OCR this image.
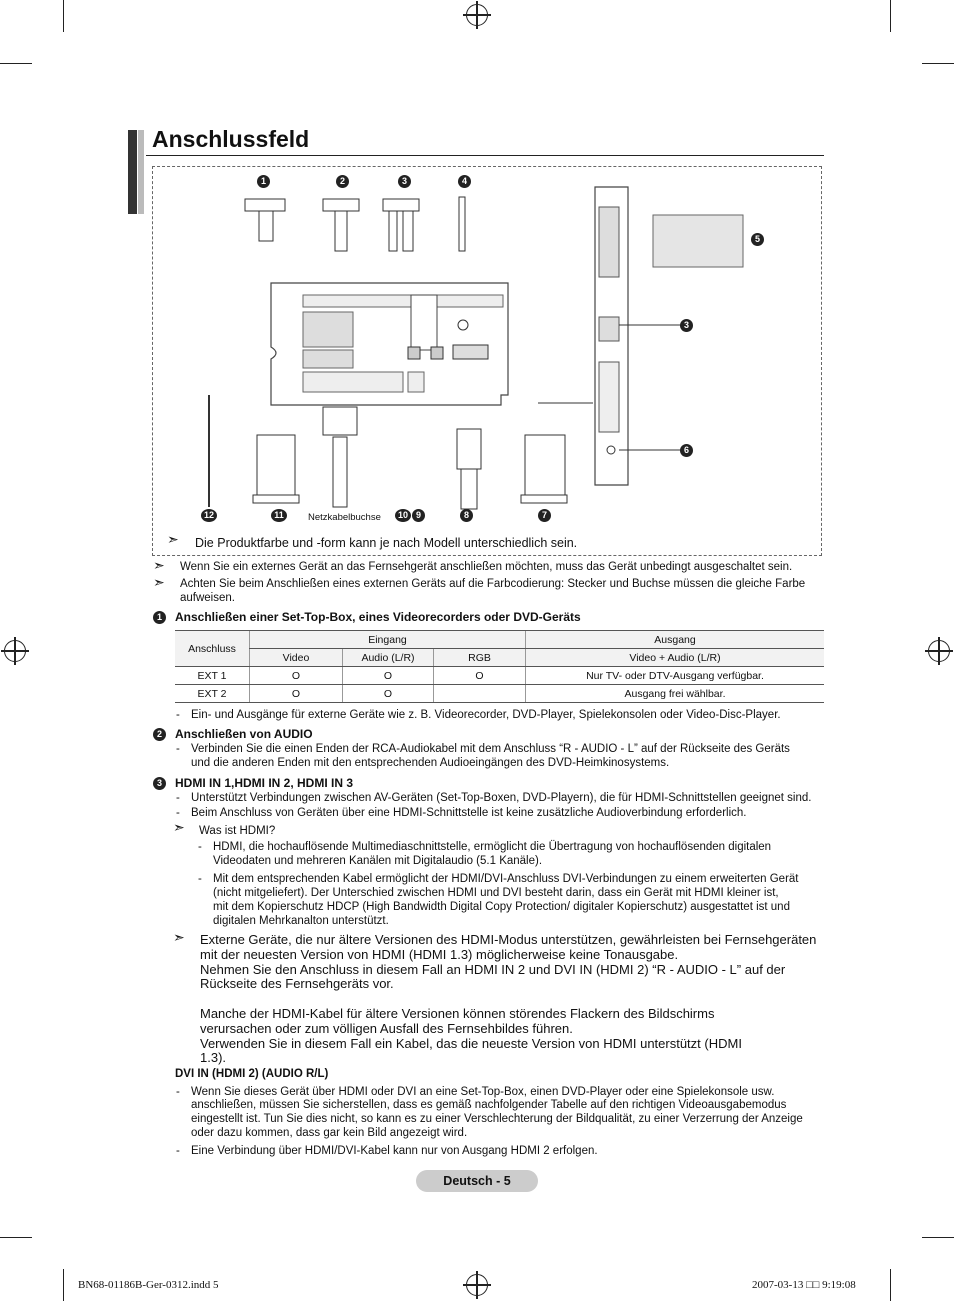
Anschlussfeld
1	2	3	4
5
3
6
12	11	10 9	8	7
Netzkabelbuchse
➣ Die Produktfarbe und -form kann je nach Modell unterschiedlich sein.
➣ Wenn Sie ein externes Gerät an das Fernsehgerät anschließen möchten, muss das Gerät unbedingt ausgeschaltet sein.
➣ Achten Sie beim Anschließen eines externen Geräts auf die Farbcodierung: Stecker und Buchse müssen die gleiche Farbe aufweisen.
1	Anschließen einer Set-Top-Box, eines Videorecorders oder DVD-Geräts
Anschluss	Eingang			Ausgang
	Video	Audio (L/R)	RGB	Video + Audio (L/R)
EXT 1	O	O	O	Nur TV- oder DTV-Ausgang verfügbar.
EXT 2	O	O		Ausgang frei wählbar.
- Ein- und Ausgänge für externe Geräte wie z. B. Videorecorder, DVD-Player, Spielekonsolen oder Video-Disc-Player.
2	Anschließen von AUDIO
- Verbinden Sie die einen Enden der RCA-Audiokabel mit dem Anschluss “R - AUDIO - L” auf der Rückseite des Geräts
und die anderen Enden mit den entsprechenden Audioeingängen des DVD-Heimkinosystems.
3	HDMI IN 1,HDMI IN 2, HDMI IN 3
- Unterstützt Verbindungen zwischen AV-Geräten (Set-Top-Boxen, DVD-Playern), die für HDMI-Schnittstellen geeignet sind.
- Beim Anschluss von Geräten über eine HDMI-Schnittstelle ist keine zusätzliche Audioverbindung erforderlich.
➣ Was ist HDMI?
- HDMI, die hochauflösende Multimediaschnittstelle, ermöglicht die Übertragung von hochauflösenden digitalen
Videodaten und mehreren Kanälen mit Digitalaudio (5.1 Kanäle).
- Mit dem entsprechenden Kabel ermöglicht der HDMI/DVI-Anschluss DVI-Verbindungen zu einem erweiterten Gerät
(nicht mitgeliefert). Der Unterschied zwischen HDMI und DVI besteht darin, dass ein Gerät mit HDMI kleiner ist,
mit dem Kopierschutz HDCP (High Bandwidth Digital Copy Protection/ digitaler Kopierschutz) ausgestattet ist und
digitalen Mehrkanalton unterstützt.
➣ Externe Geräte, die nur ältere Versionen des HDMI-Modus unterstützen, gewährleisten bei Fernsehgeräten
mit der neuesten Version von HDMI (HDMI 1.3) möglicherweise keine Tonausgabe.
Nehmen Sie den Anschluss in diesem Fall an HDMI IN 2 und DVI IN (HDMI 2) “R - AUDIO - L” auf der
Rückseite des Fernsehgeräts vor.
Manche der HDMI-Kabel für ältere Versionen können störendes Flackern des Bildschirms
verursachen oder zum völligen Ausfall des Fernsehbildes führen.
Verwenden Sie in diesem Fall ein Kabel, das die neueste Version von HDMI unterstützt (HDMI
1.3).
DVI IN (HDMI 2) (AUDIO R/L)
- Wenn Sie dieses Gerät über HDMI oder DVI an eine Set-Top-Box, einen DVD-Player oder eine Spielekonsole usw.
anschließen, müssen Sie sicherstellen, dass es gemäß nachfolgender Tabelle auf den richtigen Videoausgabemodus
eingestellt ist. Tun Sie dies nicht, so kann es zu einer Verschlechterung der Bildqualität, zu einer Verzerrung der Anzeige
oder dazu kommen, dass gar kein Bild angezeigt wird.
- Eine Verbindung über HDMI/DVI-Kabel kann nur von Ausgang HDMI 2 erfolgen.
Deutsch - 5
BN68-01186B-Ger-0312.indd 5	2007-03-13 □□ 9:19:08
